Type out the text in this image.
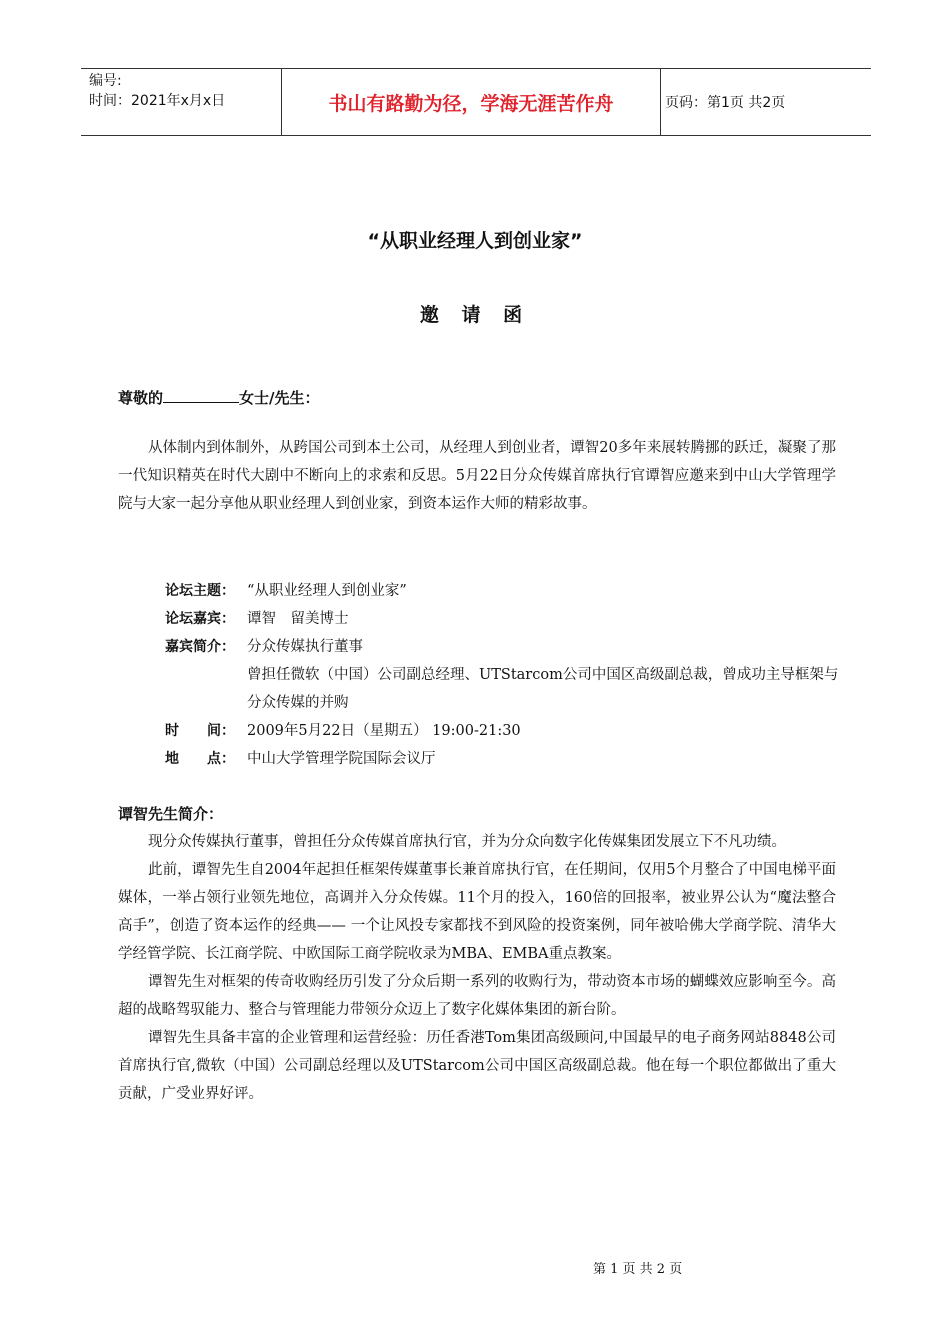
编号:
时间：2021年x月x日	书山有路勤为径，学海无涯苦作舟	页码：第1页 共2页
“从职业经理人到创业家”
邀 请 函
尊敬的	女士/先生：
从体制内到体制外，从跨国公司到本土公司，从经理人到创业者，谭智20多年来展转腾挪的跃迁，凝聚了那一代知识精英在时代大剧中不断向上的求索和反思。5月22日分众传媒首席执行官谭智应邀来到中山大学管理学院与大家一起分享他从职业经理人到创业家，到资本运作大师的精彩故事。
论坛主题： “从职业经理人到创业家”
论坛嘉宾： 谭智　留美博士
嘉宾简介： 分众传媒执行董事
曾担任微软（中国）公司副总经理、UTStarcom公司中国区高级副总裁，曾成功主导框架与分众传媒的并购
时　　间： 2009年5月22日（星期五） 19:00-21:30
地　　点： 中山大学管理学院国际会议厅
谭智先生简介：

现分众传媒执行董事，曾担任分众传媒首席执行官，并为分众向数字化传媒集团发展立下不凡功绩。

此前，谭智先生自2004年起担任框架传媒董事长兼首席执行官，在任期间，仅用5个月整合了中国电梯平面媒体，一举占领行业领先地位，高调并入分众传媒。11个月的投入，160倍的回报率，被业界公认为“魔法整合高手”，创造了资本运作的经典—— 一个让风投专家都找不到风险的投资案例，同年被哈佛大学商学院、清华大学经管学院、长江商学院、中欧国际工商学院收录为MBA、EMBA重点教案。

谭智先生对框架的传奇收购经历引发了分众后期一系列的收购行为，带动资本市场的蝴蝶效应影响至今。高超的战略驾驭能力、整合与管理能力带领分众迈上了数字化媒体集团的新台阶。

谭智先生具备丰富的企业管理和运营经验：历任香港Tom集团高级顾问,中国最早的电子商务网站8848公司首席执行官,微软（中国）公司副总经理以及UTStarcom公司中国区高级副总裁。他在每一个职位都做出了重大贡献，广受业界好评。

第 1 页 共 2 页
